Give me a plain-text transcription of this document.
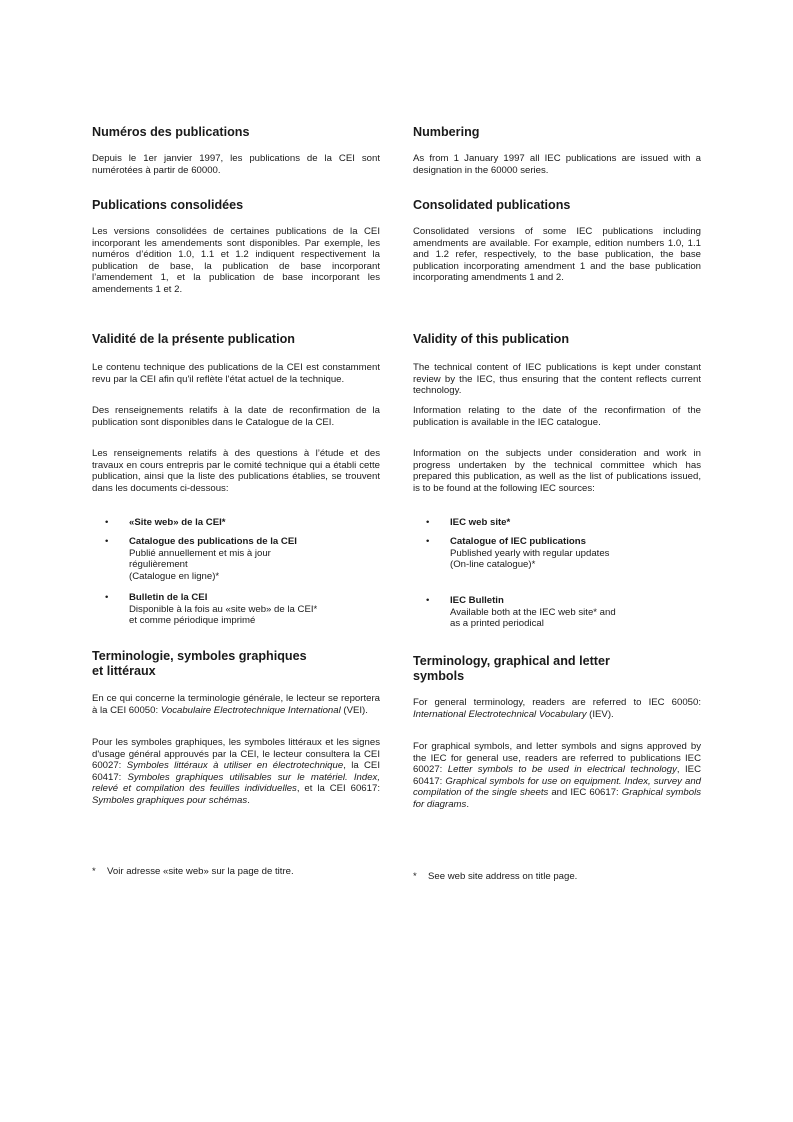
Numéros des publications

Depuis le 1er janvier 1997, les publications de la CEI sont numérotées à partir de 60000.

Publications consolidées

Les versions consolidées de certaines publications de la CEI incorporant les amendements sont disponibles. Par exemple, les numéros d’édition 1.0, 1.1 et 1.2 indiquent respectivement la publication de base, la publication de base incorporant l’amendement 1, et la publication de base incorporant les amendements 1 et 2.

Validité de la présente publication

Le contenu technique des publications de la CEI est constamment revu par la CEI afin qu'il reflète l'état actuel de la technique.

Des renseignements relatifs à la date de reconfirmation de la publication sont disponibles dans le Catalogue de la CEI.

Les renseignements relatifs à des questions à l’étude et des travaux en cours entrepris par le comité technique qui a établi cette publication, ainsi que la liste des publications établies, se trouvent dans les documents ci-dessous:

•	«Site web» de la CEI*
•	Catalogue des publications de la CEI
Publié annuellement et mis à jour
régulièrement
(Catalogue en ligne)*
•	Bulletin de la CEI
Disponible à la fois au «site web» de la CEI*
et comme périodique imprimé
Terminologie, symboles graphiques
et littéraux

En ce qui concerne la terminologie générale, le lecteur se reportera à la CEI 60050: Vocabulaire Electrotechnique International (VEI).

Pour les symboles graphiques, les symboles littéraux et les signes d'usage général approuvés par la CEI, le lecteur consultera la CEI 60027: Symboles littéraux à utiliser en électrotechnique, la CEI 60417: Symboles graphiques utilisables sur le matériel. Index, relevé et compilation des feuilles individuelles, et la CEI 60617: Symboles graphiques pour schémas.

* Voir adresse «site web» sur la page de titre.
Numbering

As from 1 January 1997 all IEC publications are issued with a designation in the 60000 series.

Consolidated publications

Consolidated versions of some IEC publications including amendments are available. For example, edition numbers 1.0, 1.1 and 1.2 refer, respectively, to the base publication, the base publication incorporating amendment 1 and the base publication incorporating amendments 1 and 2.

Validity of this publication

The technical content of IEC publications is kept under constant review by the IEC, thus ensuring that the content reflects current technology.

Information relating to the date of the reconfirmation of the publication is available in the IEC catalogue.

Information on the subjects under consideration and work in progress undertaken by the technical committee which has prepared this publication, as well as the list of publications issued, is to be found at the following IEC sources:

•	IEC web site*
•	Catalogue of IEC publications
Published yearly with regular updates
(On-line catalogue)*
•	IEC Bulletin
Available both at the IEC web site* and
as a printed periodical
Terminology, graphical and letter
symbols

For general terminology, readers are referred to IEC 60050: International Electrotechnical Vocabulary (IEV).

For graphical symbols, and letter symbols and signs approved by the IEC for general use, readers are referred to publications IEC 60027: Letter symbols to be used in electrical technology, IEC 60417: Graphical symbols for use on equipment. Index, survey and compilation of the single sheets and IEC 60617: Graphical symbols for diagrams.

* See web site address on title page.
